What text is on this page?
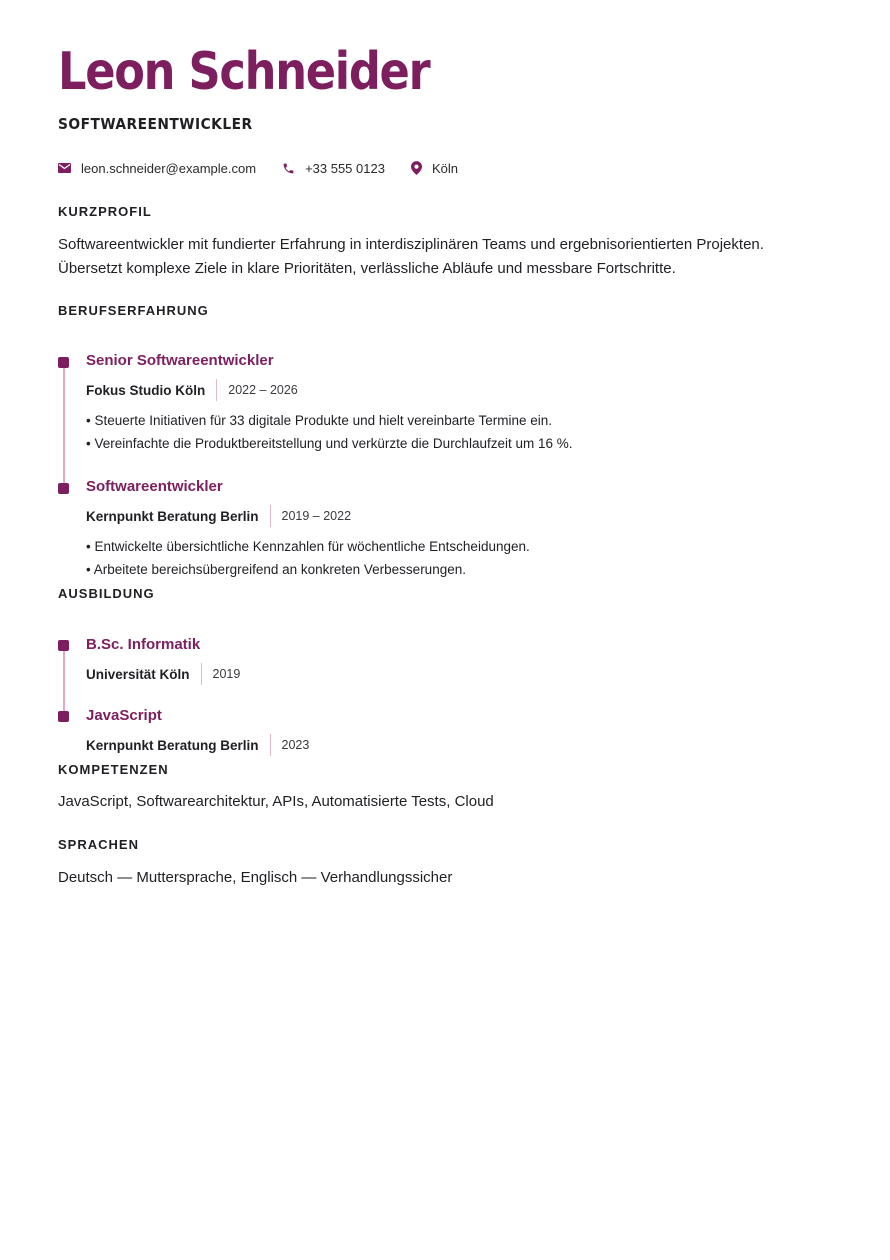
Leon Schneider
SOFTWAREENTWICKLER
leon.schneider@example.com	+33 555 0123	Köln
KURZPROFIL

Softwareentwickler mit fundierter Erfahrung in interdisziplinären Teams und ergebnisorientierten Projekten. Übersetzt komplexe Ziele in klare Prioritäten, verlässliche Abläufe und messbare Fortschritte.

BERUFSERFAHRUNG
Senior Softwareentwickler
Fokus Studio Köln 2022 – 2026
• Steuerte Initiativen für 33 digitale Produkte und hielt vereinbarte Termine ein.
• Vereinfachte die Produktbereitstellung und verkürzte die Durchlaufzeit um 16 %.
Softwareentwickler
Kernpunkt Beratung Berlin 2019 – 2022
• Entwickelte übersichtliche Kennzahlen für wöchentliche Entscheidungen.
• Arbeitete bereichsübergreifend an konkreten Verbesserungen.
AUSBILDUNG
B.Sc. Informatik
Universität Köln 2019
JavaScript
Kernpunkt Beratung Berlin 2023
KOMPETENZEN

JavaScript, Softwarearchitektur, APIs, Automatisierte Tests, Cloud

SPRACHEN

Deutsch — Muttersprache, Englisch — Verhandlungssicher
